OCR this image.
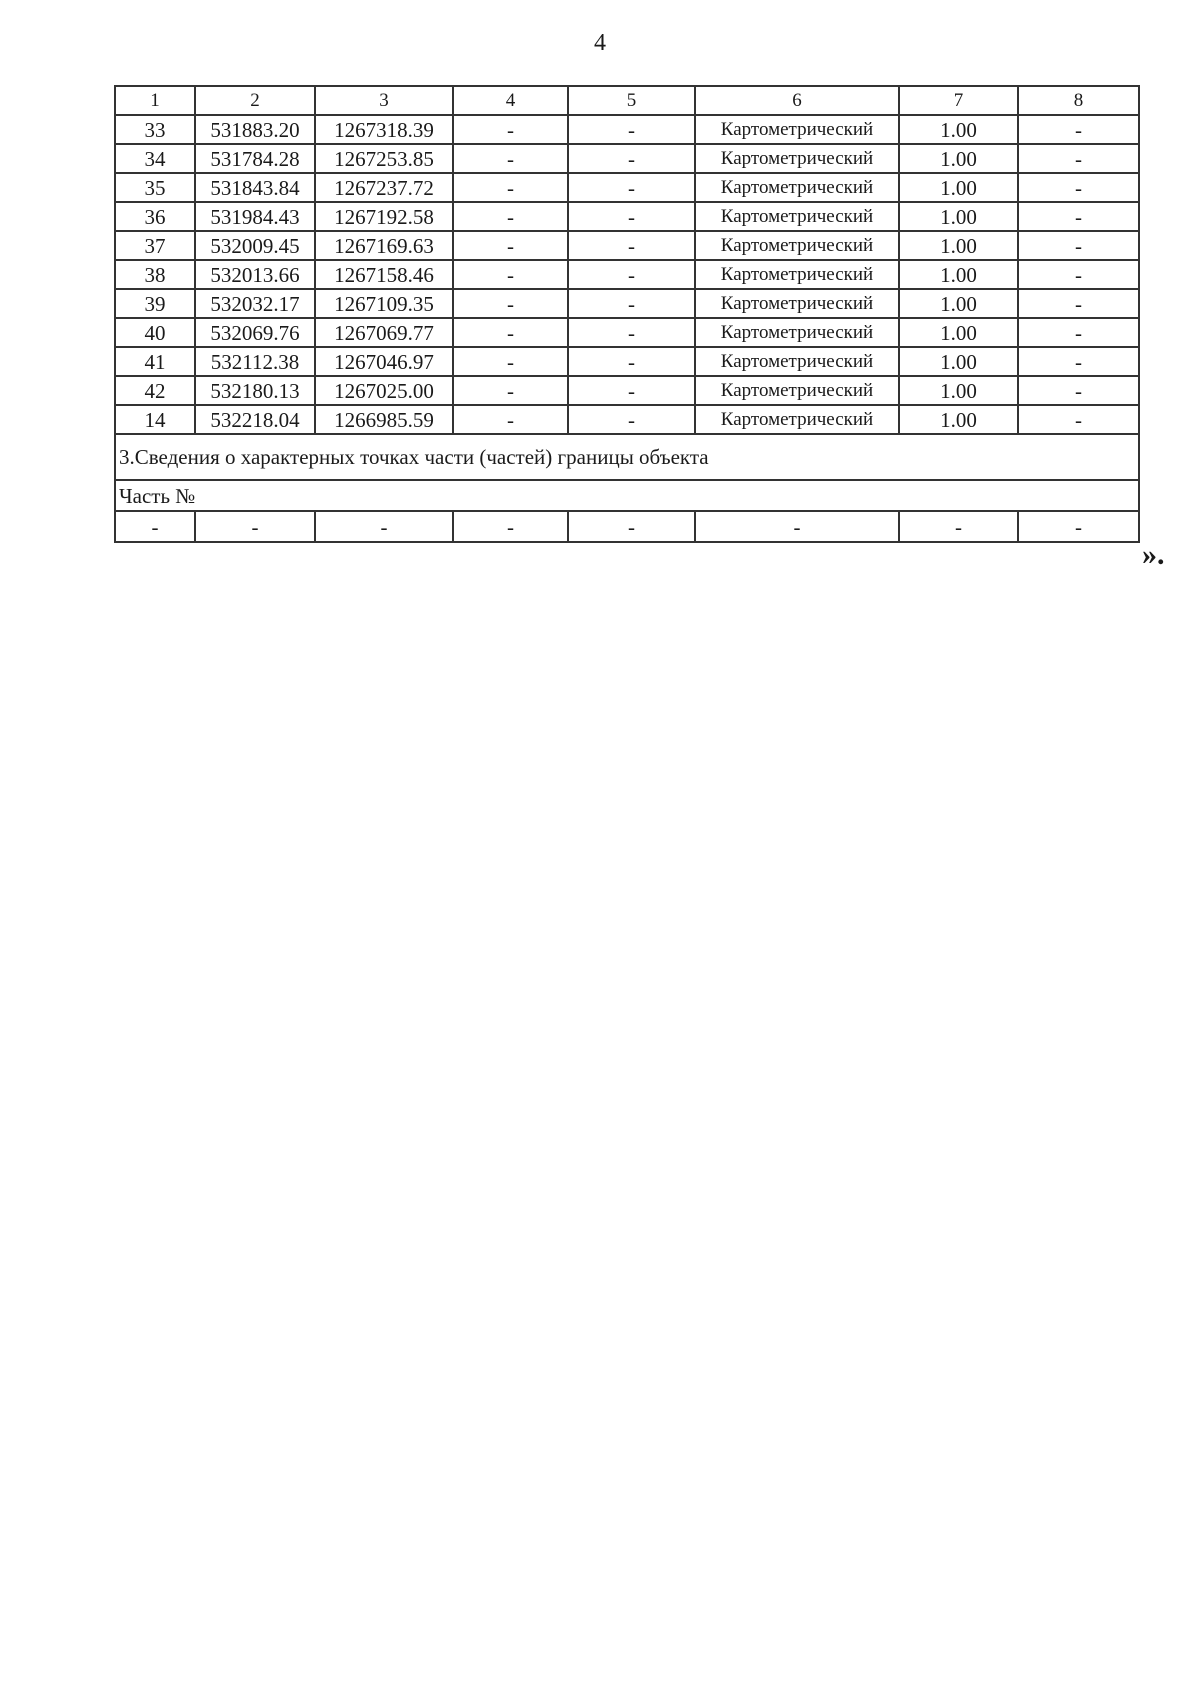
4
1	2	3	4	5	6	7	8
33	531883.20	1267318.39	-	-	Картометрический	1.00	-
34	531784.28	1267253.85	-	-	Картометрический	1.00	-
35	531843.84	1267237.72	-	-	Картометрический	1.00	-
36	531984.43	1267192.58	-	-	Картометрический	1.00	-
37	532009.45	1267169.63	-	-	Картометрический	1.00	-
38	532013.66	1267158.46	-	-	Картометрический	1.00	-
39	532032.17	1267109.35	-	-	Картометрический	1.00	-
40	532069.76	1267069.77	-	-	Картометрический	1.00	-
41	532112.38	1267046.97	-	-	Картометрический	1.00	-
42	532180.13	1267025.00	-	-	Картометрический	1.00	-
14	532218.04	1266985.59	-	-	Картометрический	1.00	-
3.Сведения о характерных точках части (частей) границы объекта							
Часть №							
-	-	-	-	-	-	-	-
».
